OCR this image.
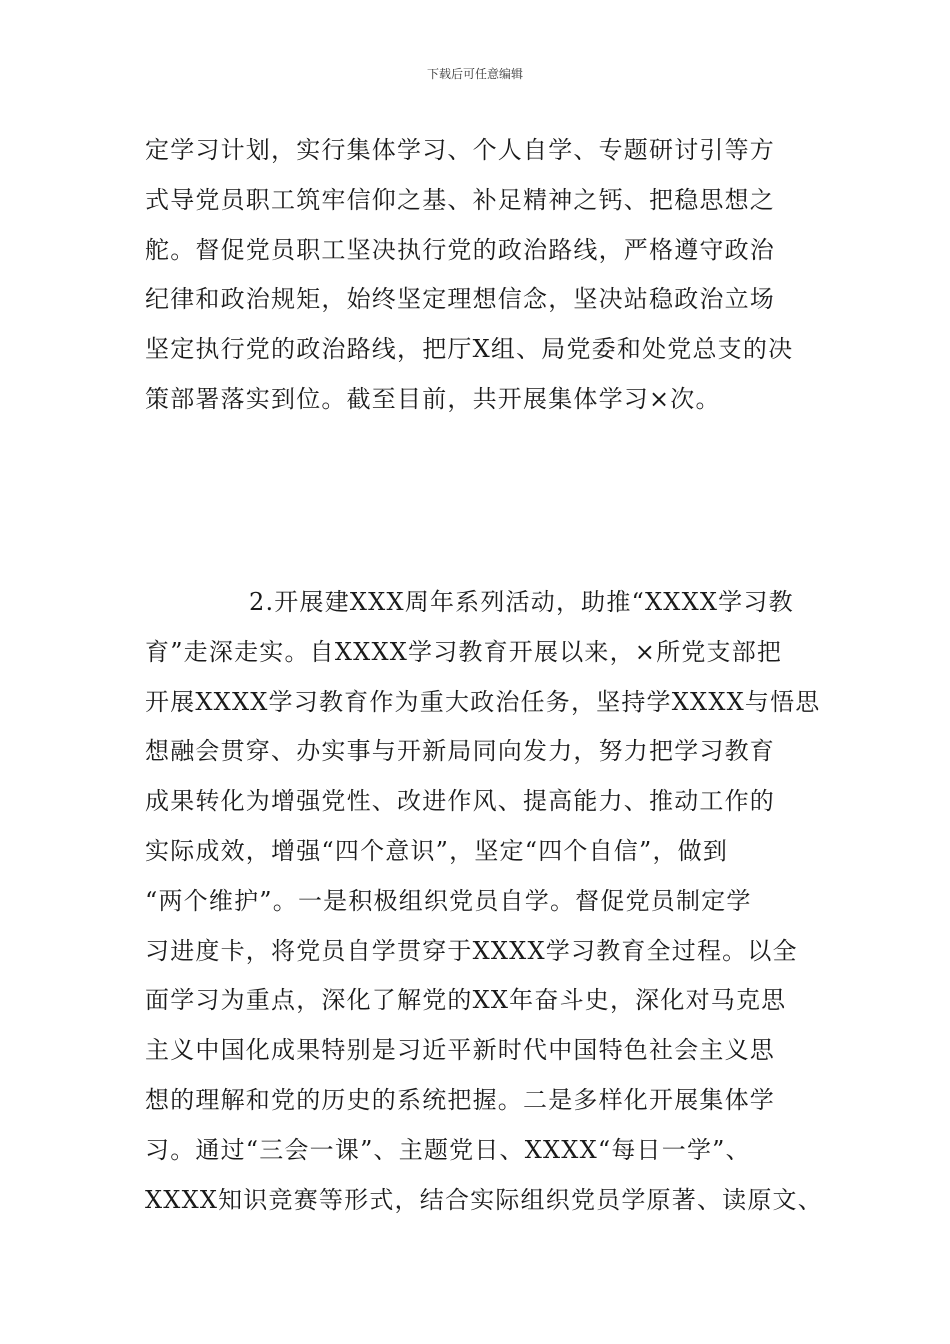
下载后可任意编辑
定学习计划，实行集体学习、个人自学、专题研讨引等方
式导党员职工筑牢信仰之基、补足精神之钙、把稳思想之
舵。督促党员职工坚决执行党的政治路线，严格遵守政治
纪律和政治规矩，始终坚定理想信念，坚决站稳政治立场
坚定执行党的政治路线，把厅X组、局党委和处党总支的决
策部署落实到位。截至目前，共开展集体学习×次。
2.开展建XXX周年系列活动，助推“XXXX学习教
育”走深走实。自XXXX学习教育开展以来，×所党支部把
开展XXXX学习教育作为重大政治任务，坚持学XXXX与悟思
想融会贯穿、办实事与开新局同向发力，努力把学习教育
成果转化为增强党性、改进作风、提高能力、推动工作的
实际成效，增强“四个意识”，坚定“四个自信”，做到
“两个维护”。一是积极组织党员自学。督促党员制定学
习进度卡，将党员自学贯穿于XXXX学习教育全过程。以全
面学习为重点，深化了解党的XX年奋斗史，深化对马克思
主义中国化成果特别是习近平新时代中国特色社会主义思
想的理解和党的历史的系统把握。二是多样化开展集体学
习。通过“三会一课”、主题党日、XXXX“每日一学”、
XXXX知识竞赛等形式，结合实际组织党员学原著、读原文、
